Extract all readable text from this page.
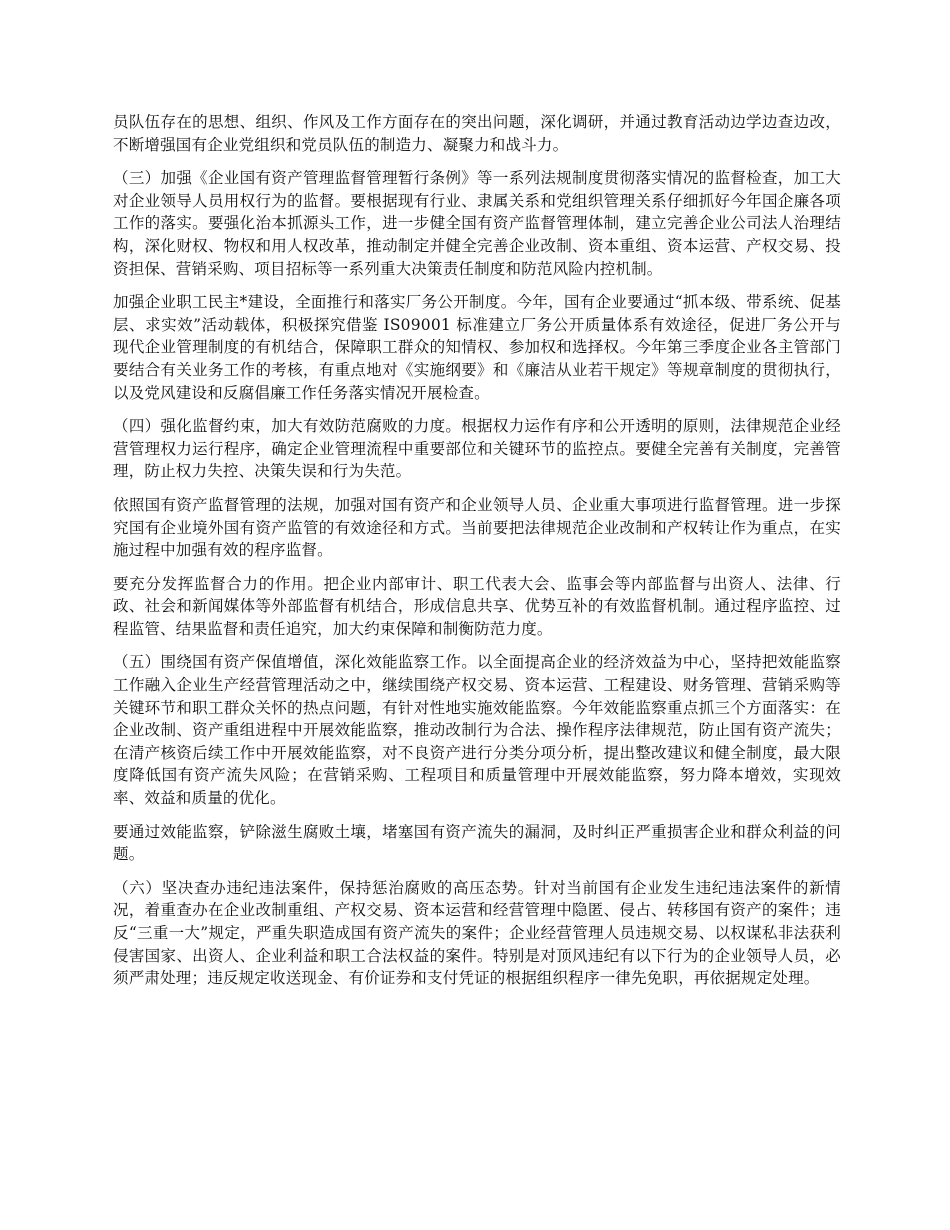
员队伍存在的思想、组织、作风及工作方面存在的突出问题，深化调研，并通过教育活动边学边查边改，不断增强国有企业党组织和党员队伍的制造力、凝聚力和战斗力。

（三）加强《企业国有资产管理监督管理暂行条例》等一系列法规制度贯彻落实情况的监督检查，加工大对企业领导人员用权行为的监督。要根据现有行业、隶属关系和党组织管理关系仔细抓好今年国企廉各项工作的落实。要强化治本抓源头工作，进一步健全国有资产监督管理体制，建立完善企业公司法人治理结构，深化财权、物权和用人权改革，推动制定并健全完善企业改制、资本重组、资本运营、产权交易、投资担保、营销采购、项目招标等一系列重大决策责任制度和防范风险内控机制。

加强企业职工民主*建设，全面推行和落实厂务公开制度。今年，国有企业要通过“抓本级、带系统、促基层、求实效”活动载体，积极探究借鉴 IS09001 标准建立厂务公开质量体系有效途径，促进厂务公开与现代企业管理制度的有机结合，保障职工群众的知情权、参加权和选择权。今年第三季度企业各主管部门要结合有关业务工作的考核，有重点地对《实施纲要》和《廉洁从业若干规定》等规章制度的贯彻执行，以及党风建设和反腐倡廉工作任务落实情况开展检查。

（四）强化监督约束，加大有效防范腐败的力度。根据权力运作有序和公开透明的原则，法律规范企业经营管理权力运行程序，确定企业管理流程中重要部位和关键环节的监控点。要健全完善有关制度，完善管理，防止权力失控、决策失误和行为失范。

依照国有资产监督管理的法规，加强对国有资产和企业领导人员、企业重大事项进行监督管理。进一步探究国有企业境外国有资产监管的有效途径和方式。当前要把法律规范企业改制和产权转让作为重点，在实施过程中加强有效的程序监督。

要充分发挥监督合力的作用。把企业内部审计、职工代表大会、监事会等内部监督与出资人、法律、行政、社会和新闻媒体等外部监督有机结合，形成信息共享、优势互补的有效监督机制。通过程序监控、过程监管、结果监督和责任追究，加大约束保障和制衡防范力度。

（五）围绕国有资产保值增值，深化效能监察工作。以全面提高企业的经济效益为中心，坚持把效能监察工作融入企业生产经营管理活动之中，继续围绕产权交易、资本运营、工程建设、财务管理、营销采购等关键环节和职工群众关怀的热点问题，有针对性地实施效能监察。今年效能监察重点抓三个方面落实：在企业改制、资产重组进程中开展效能监察，推动改制行为合法、操作程序法律规范，防止国有资产流失；在清产核资后续工作中开展效能监察，对不良资产进行分类分项分析，提出整改建议和健全制度，最大限度降低国有资产流失风险；在营销采购、工程项目和质量管理中开展效能监察，努力降本增效，实现效率、效益和质量的优化。

要通过效能监察，铲除滋生腐败土壤，堵塞国有资产流失的漏洞，及时纠正严重损害企业和群众利益的问题。

（六）坚决查办违纪违法案件，保持惩治腐败的高压态势。针对当前国有企业发生违纪违法案件的新情况，着重查办在企业改制重组、产权交易、资本运营和经营管理中隐匿、侵占、转移国有资产的案件；违反“三重一大”规定，严重失职造成国有资产流失的案件；企业经营管理人员违规交易、以权谋私非法获利侵害国家、出资人、企业利益和职工合法权益的案件。特别是对顶风违纪有以下行为的企业领导人员，必须严肃处理；违反规定收送现金、有价证券和支付凭证的根据组织程序一律先免职，再依据规定处理。
